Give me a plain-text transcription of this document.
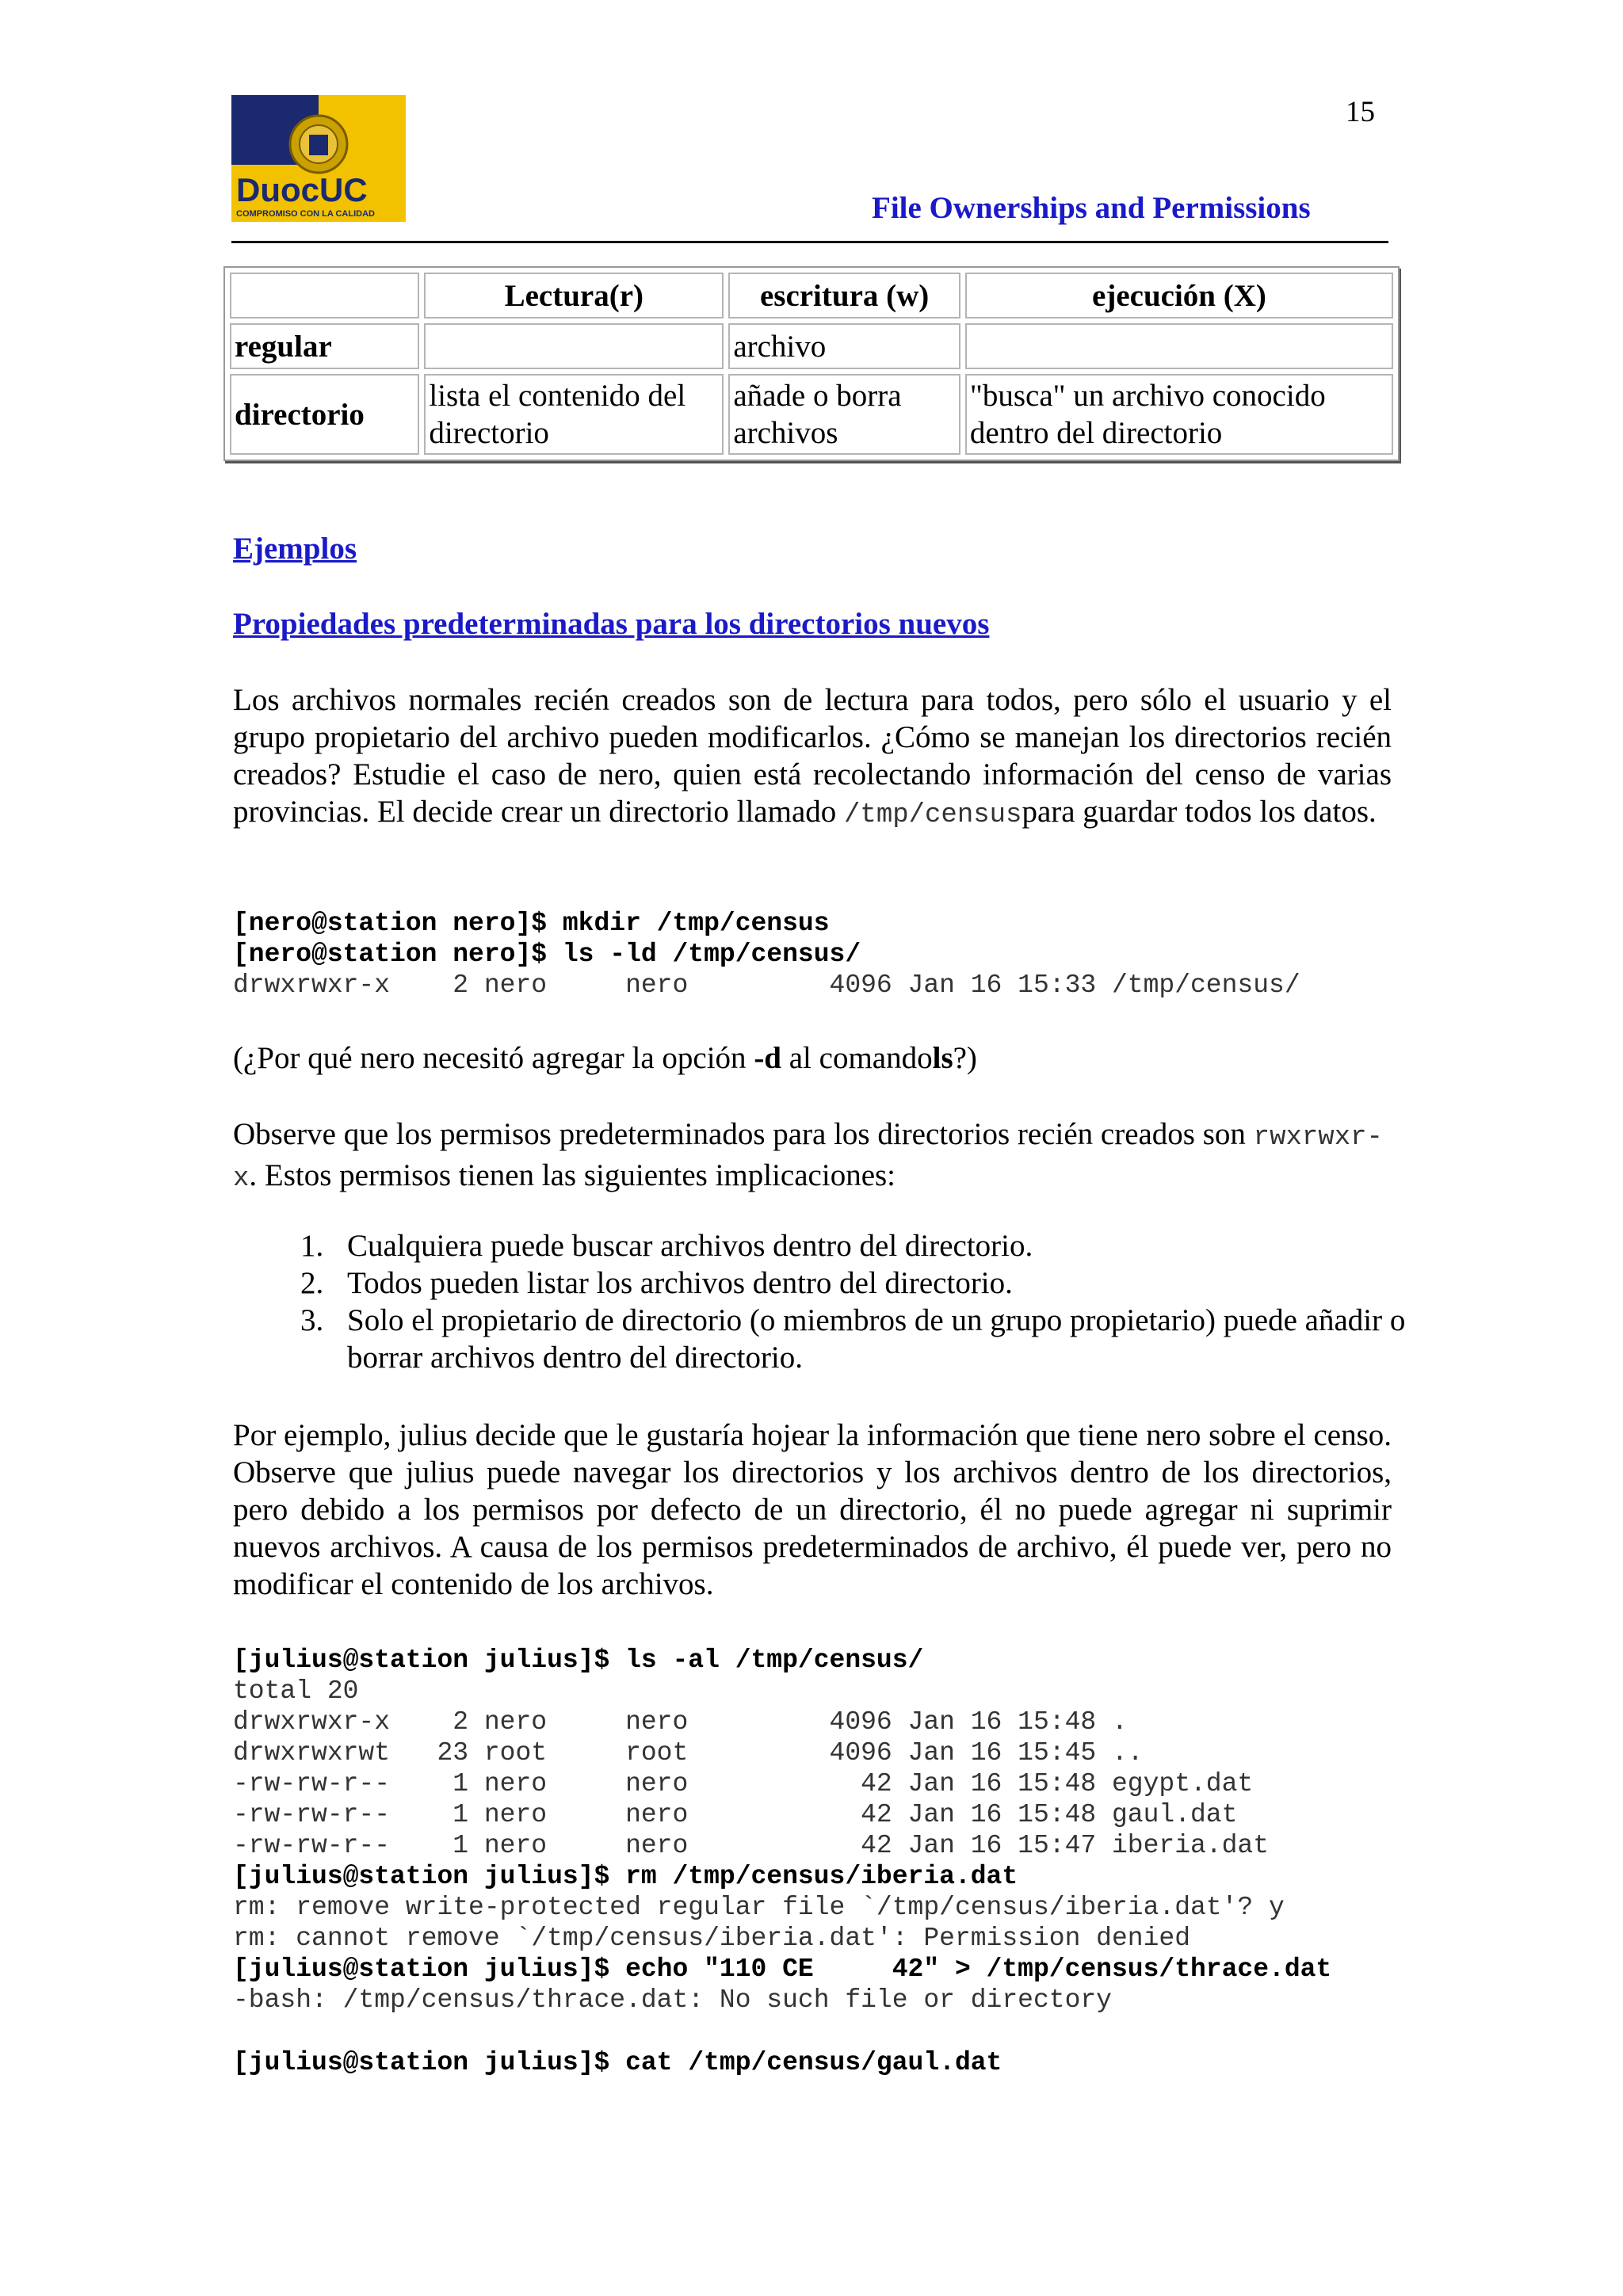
DuocUC
COMPROMISO CON LA CALIDAD
15
File Ownerships and Permissions
	Lectura(r)	escritura (w)	ejecución (X)
regular		archivo	
directorio	lista el contenido del directorio	añade o borra archivos	"busca" un archivo conocido dentro del directorio
Ejemplos
Propiedades predeterminadas para los directorios nuevos
Los archivos normales recién creados son de lectura para todos, pero sólo el usuario y el grupo propietario del archivo pueden modificarlos. ¿Cómo se manejan los directorios recién creados? Estudie el caso de nero, quien está recolectando información del censo de varias provincias. El decide crear un directorio llamado /tmp/censuspara guardar todos los datos.
[nero@station nero]$ mkdir /tmp/census
[nero@station nero]$ ls -ld /tmp/census/
drwxrwxr-x    2 nero     nero         4096 Jan 16 15:33 /tmp/census/
(¿Por qué nero necesitó agregar la opción -d al comandols?)
Observe que los permisos predeterminados para los directorios recién creados son rwxrwxr-x. Estos permisos tienen las siguientes implicaciones:
1. Cualquiera puede buscar archivos dentro del directorio.
2. Todos pueden listar los archivos dentro del directorio.
3. Solo el propietario de directorio (o miembros de un grupo propietario) puede añadir o borrar archivos dentro del directorio.
Por ejemplo, julius decide que le gustaría hojear la información que tiene nero sobre el censo. Observe que julius puede navegar los directorios y los archivos dentro de los directorios, pero debido a los permisos por defecto de un directorio, él no puede agregar ni suprimir nuevos archivos. A causa de los permisos predeterminados de archivo, él puede ver, pero no modificar el contenido de los archivos.
[julius@station julius]$ ls -al /tmp/census/
total 20
drwxrwxr-x    2 nero     nero         4096 Jan 16 15:48 .
drwxrwxrwt   23 root     root         4096 Jan 16 15:45 ..
-rw-rw-r--    1 nero     nero           42 Jan 16 15:48 egypt.dat
-rw-rw-r--    1 nero     nero           42 Jan 16 15:48 gaul.dat
-rw-rw-r--    1 nero     nero           42 Jan 16 15:47 iberia.dat
[julius@station julius]$ rm /tmp/census/iberia.dat
rm: remove write-protected regular file `/tmp/census/iberia.dat'? y
rm: cannot remove `/tmp/census/iberia.dat': Permission denied
[julius@station julius]$ echo "110 CE     42" > /tmp/census/thrace.dat
-bash: /tmp/census/thrace.dat: No such file or directory
[julius@station julius]$ cat /tmp/census/gaul.dat
